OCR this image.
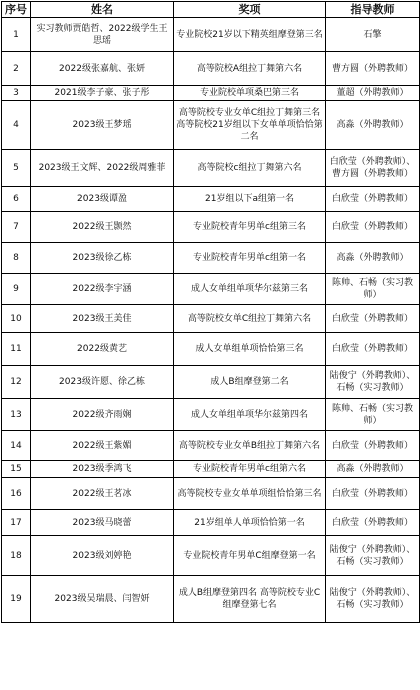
序号	姓名	奖项	指导教师
1	实习教师贾皓哲、2022级学生王思瑶	专业院校21岁以下精英组摩登第三名	石擎
2	2022级张嘉航、张妍	高等院校A组拉丁舞第六名	曹方圆（外聘教师）
3	2021级李子豪、张子彤	专业院校单项桑巴第三名	董超（外聘教师）
4	2023级王梦瑶	高等院校专业女单C组拉丁舞第三名 高等院校21岁组以下女单单项恰恰第二名	高淼（外聘教师）
5	2023级王文辉、2022级周雅菲	高等院校c组拉丁舞第六名	白欣莹（外聘教师）、曹方圆（外聘教师）
6	2023级谭盈	21岁组以下a组第一名	白欣莹（外聘教师）
7	2022级王颢然	专业院校青年男单c组第三名	白欣莹（外聘教师）
8	2023级徐乙栋	专业院校青年男单c组第一名	高淼（外聘教师）
9	2022级李宇涵	成人女单组单项华尔兹第三名	陈帅、石畅（实习教师）
10	2023级王美佳	高等院校女单C组拉丁舞第六名	白欣莹（外聘教师）
11	2022级黄艺	成人女单组单项恰恰第三名	白欣莹（外聘教师）
12	2023级许愿、徐乙栋	成人B组摩登第二名	陆俊宁（外聘教师）、石畅（实习教师）
13	2022级齐雨娴	成人女单组单项华尔兹第四名	陈帅、石畅（实习教师）
14	2022级王紫媚	高等院校专业女单B组拉丁舞第六名	白欣莹（外聘教师）
15	2023级季鸿飞	专业院校青年男单c组第六名	高淼（外聘教师）
16	2022级王茗冰	高等院校专业女单单项组恰恰第三名	白欣莹（外聘教师）
17	2023级马晓蕾	21岁组单人单项恰恰第一名	白欣莹（外聘教师）
18	2023级刘婷艳	专业院校青年男单C组摩登第一名	陆俊宁（外聘教师）、石畅（实习教师）
19	2023级吴瑞晨、闫智妍	成人B组摩登第四名 高等院校专业C组摩登第七名	陆俊宁（外聘教师）、石畅（实习教师）
